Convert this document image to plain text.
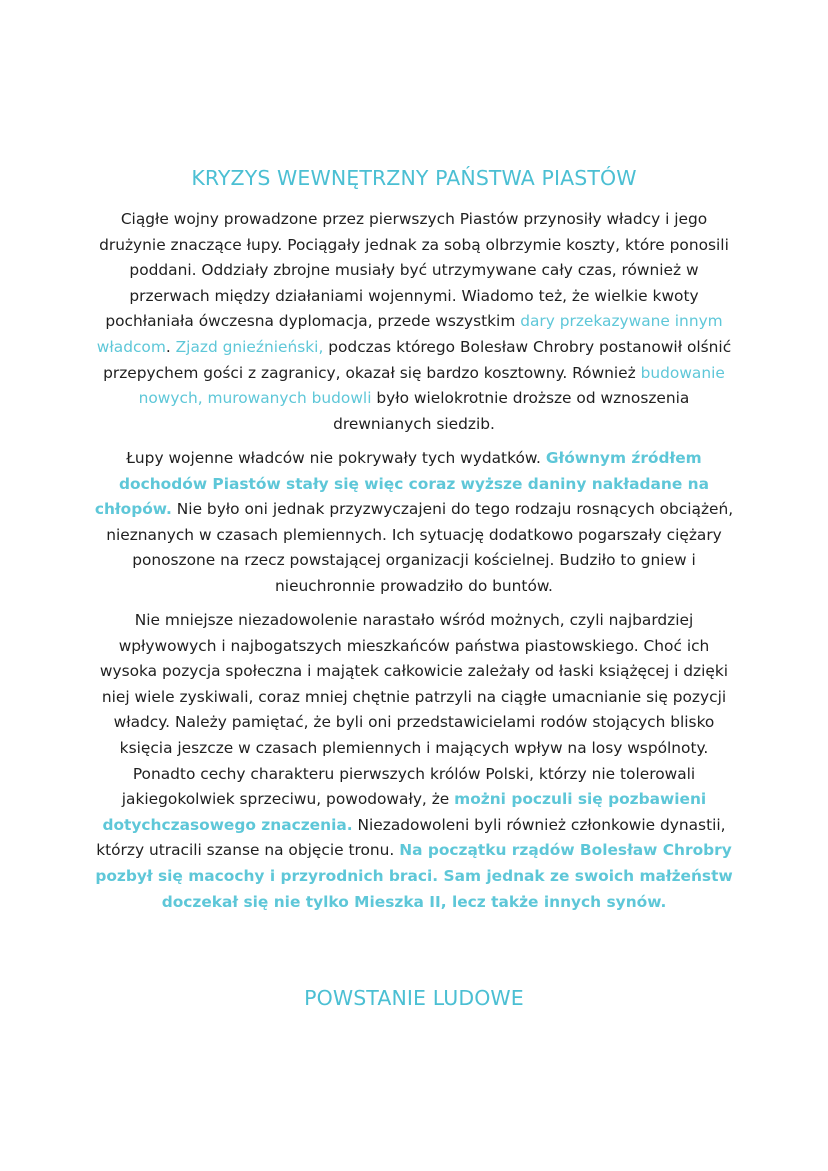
KRYZYS WEWNĘTRZNY PAŃSTWA PIASTÓW

Ciągłe wojny prowadzone przez pierwszych Piastów przynosiły władcy i jego drużynie znaczące łupy. Pociągały jednak za sobą olbrzymie koszty, które ponosili poddani. Oddziały zbrojne musiały być utrzymywane cały czas, również w przerwach między działaniami wojennymi. Wiadomo też, że wielkie kwoty pochłaniała ówczesna dyplomacja, przede wszystkim dary przekazywane innym władcom. Zjazd gnieźnieński, podczas którego Bolesław Chrobry postanowił olśnić przepychem gości z zagranicy, okazał się bardzo kosztowny. Również budowanie nowych, murowanych budowli było wielokrotnie droższe od wznoszenia drewnianych siedzib.

Łupy wojenne władców nie pokrywały tych wydatków. Głównym źródłem dochodów Piastów stały się więc coraz wyższe daniny nakładane na chłopów. Nie było oni jednak przyzwyczajeni do tego rodzaju rosnących obciążeń, nieznanych w czasach plemiennych. Ich sytuację dodatkowo pogarszały ciężary ponoszone na rzecz powstającej organizacji kościelnej. Budziło to gniew i nieuchronnie prowadziło do buntów.

Nie mniejsze niezadowolenie narastało wśród możnych, czyli najbardziej wpływowych i najbogatszych mieszkańców państwa piastowskiego. Choć ich wysoka pozycja społeczna i majątek całkowicie zależały od łaski książęcej i dzięki niej wiele zyskiwali, coraz mniej chętnie patrzyli na ciągłe umacnianie się pozycji władcy. Należy pamiętać, że byli oni przedstawicielami rodów stojących blisko księcia jeszcze w czasach plemiennych i mających wpływ na losy wspólnoty. Ponadto cechy charakteru pierwszych królów Polski, którzy nie tolerowali jakiegokolwiek sprzeciwu, powodowały, że możni poczuli się pozbawieni dotychczasowego znaczenia. Niezadowoleni byli również członkowie dynastii, którzy utracili szanse na objęcie tronu. Na początku rządów Bolesław Chrobry pozbył się macochy i przyrodnich braci. Sam jednak ze swoich małżeństw doczekał się nie tylko Mieszka II, lecz także innych synów.

POWSTANIE LUDOWE
